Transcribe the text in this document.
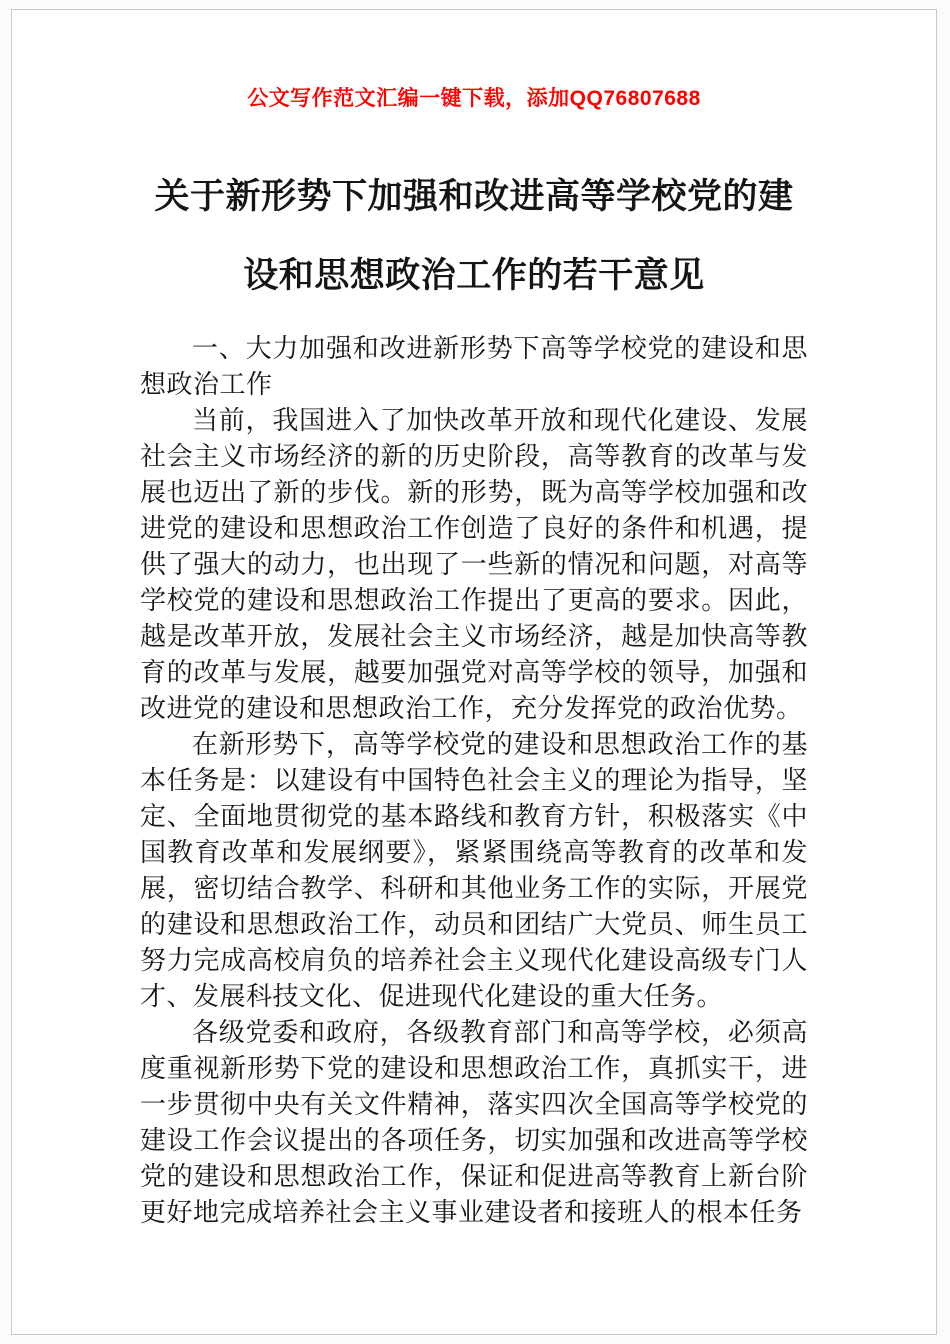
公文写作范文汇编一键下载，添加QQ76807688
关于新形势下加强和改进高等学校党的建设和思想政治工作的若干意见

一、大力加强和改进新形势下高等学校党的建设和思想政治工作

当前，我国进入了加快改革开放和现代化建设、发展社会主义市场经济的新的历史阶段，高等教育的改革与发展也迈出了新的步伐。新的形势，既为高等学校加强和改进党的建设和思想政治工作创造了良好的条件和机遇，提供了强大的动力，也出现了一些新的情况和问题，对高等学校党的建设和思想政治工作提出了更高的要求。因此，越是改革开放，发展社会主义市场经济，越是加快高等教育的改革与发展，越要加强党对高等学校的领导，加强和改进党的建设和思想政治工作，充分发挥党的政治优势。

在新形势下，高等学校党的建设和思想政治工作的基本任务是：以建设有中国特色社会主义的理论为指导，坚定、全面地贯彻党的基本路线和教育方针，积极落实《中国教育改革和发展纲要》，紧紧围绕高等教育的改革和发展，密切结合教学、科研和其他业务工作的实际，开展党的建设和思想政治工作，动员和团结广大党员、师生员工努力完成高校肩负的培养社会主义现代化建设高级专门人才、发展科技文化、促进现代化建设的重大任务。

各级党委和政府，各级教育部门和高等学校，必须高度重视新形势下党的建设和思想政治工作，真抓实干，进一步贯彻中央有关文件精神，落实四次全国高等学校党的建设工作会议提出的各项任务，切实加强和改进高等学校党的建设和思想政治工作，保证和促进高等教育上新台阶更好地完成培养社会主义事业建设者和接班人的根本任务
